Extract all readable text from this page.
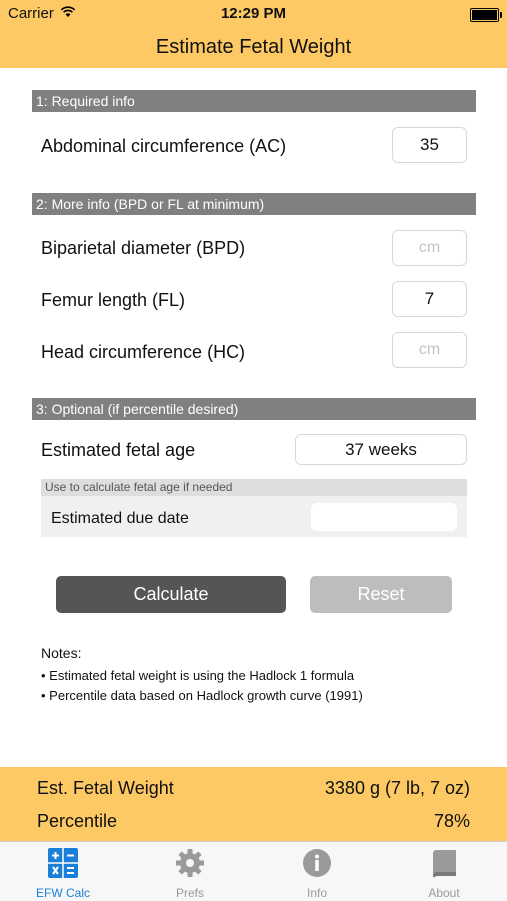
Carrier	12:29 PM
Estimate Fetal Weight
1: Required info
Abdominal circumference (AC)	35
2: More info (BPD or FL at minimum)
Biparietal diameter (BPD)	cm
Femur length (FL)	7
Head circumference (HC)	cm
3: Optional (if percentile desired)
Estimated fetal age	37 weeks
Use to calculate fetal age if needed
Estimated due date
Calculate	Reset
Notes:
• Estimated fetal weight is using the Hadlock 1 formula
• Percentile data based on Hadlock growth curve (1991)
Est. Fetal Weight	3380 g (7 lb, 7 oz)
Percentile	78%
EFW Calc	Prefs	Info	About
